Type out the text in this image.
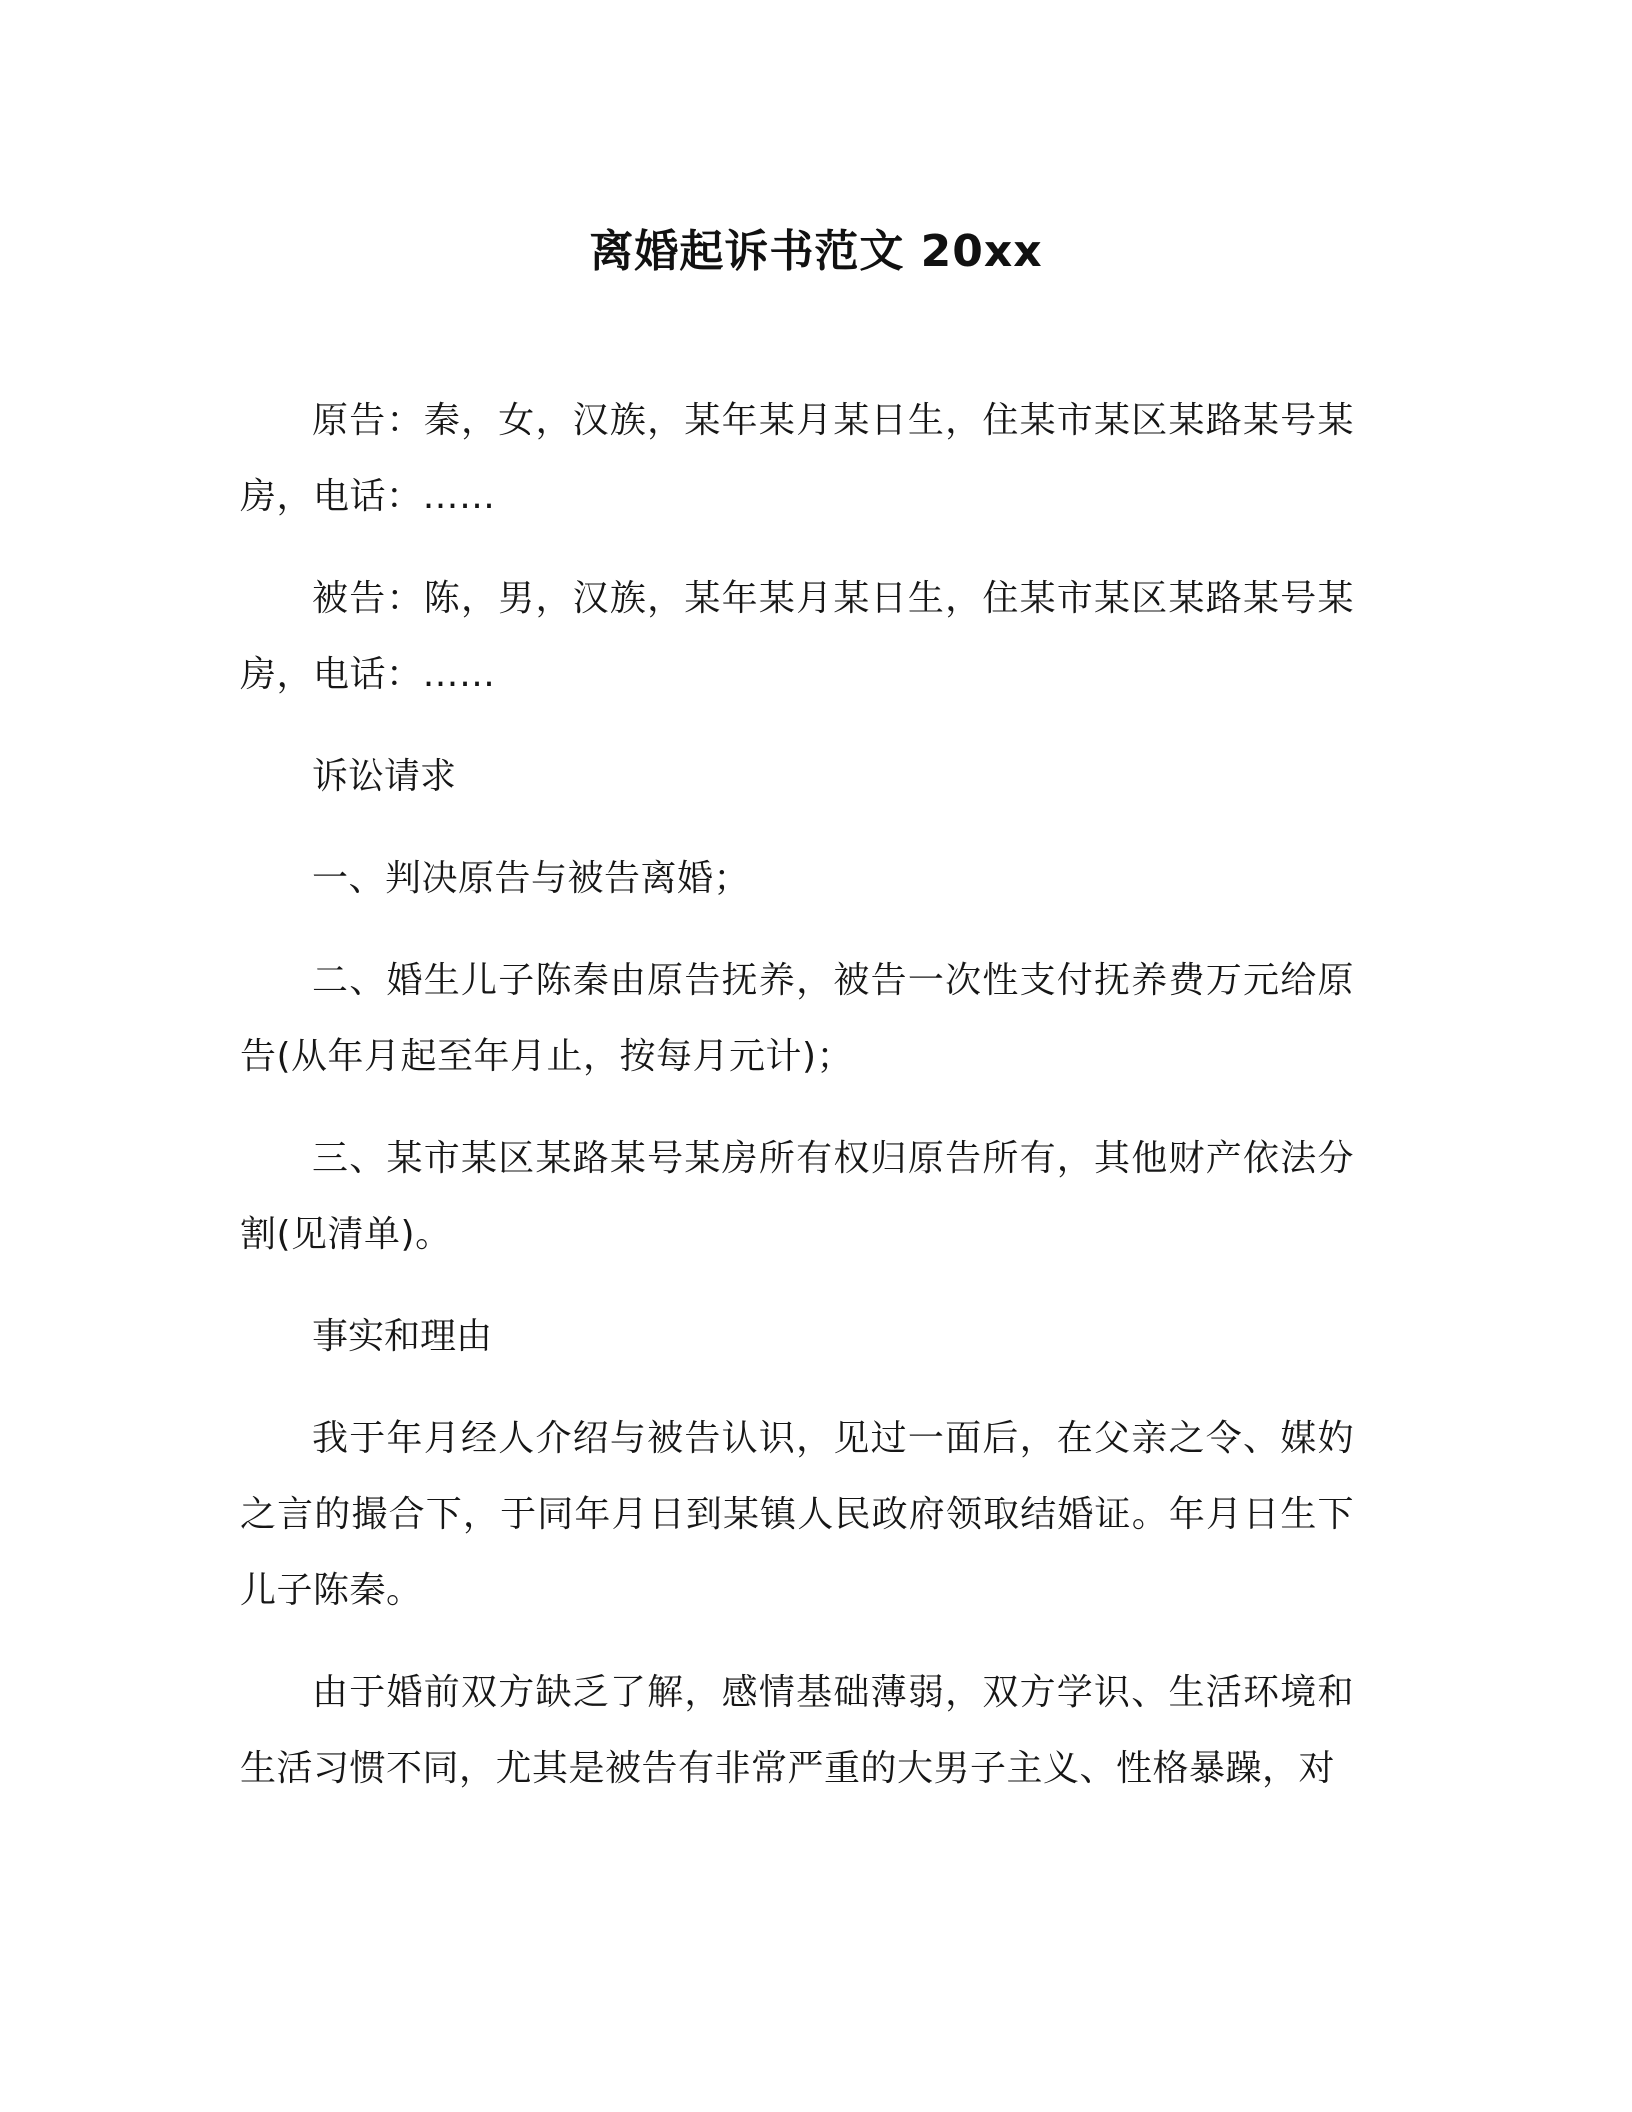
离婚起诉书范文 20xx

原告：秦，女，汉族，某年某月某日生，住某市某区某路某号某房，电话：……

被告：陈，男，汉族，某年某月某日生，住某市某区某路某号某房，电话：……

诉讼请求

一、判决原告与被告离婚；

二、婚生儿子陈秦由原告抚养，被告一次性支付抚养费万元给原告(从年月起至年月止，按每月元计)；

三、某市某区某路某号某房所有权归原告所有，其他财产依法分割(见清单)。

事实和理由

我于年月经人介绍与被告认识，见过一面后，在父亲之令、媒妁之言的撮合下，于同年月日到某镇人民政府领取结婚证。年月日生下儿子陈秦。

由于婚前双方缺乏了解，感情基础薄弱，双方学识、生活环境和生活习惯不同，尤其是被告有非常严重的大男子主义、性格暴躁，对
